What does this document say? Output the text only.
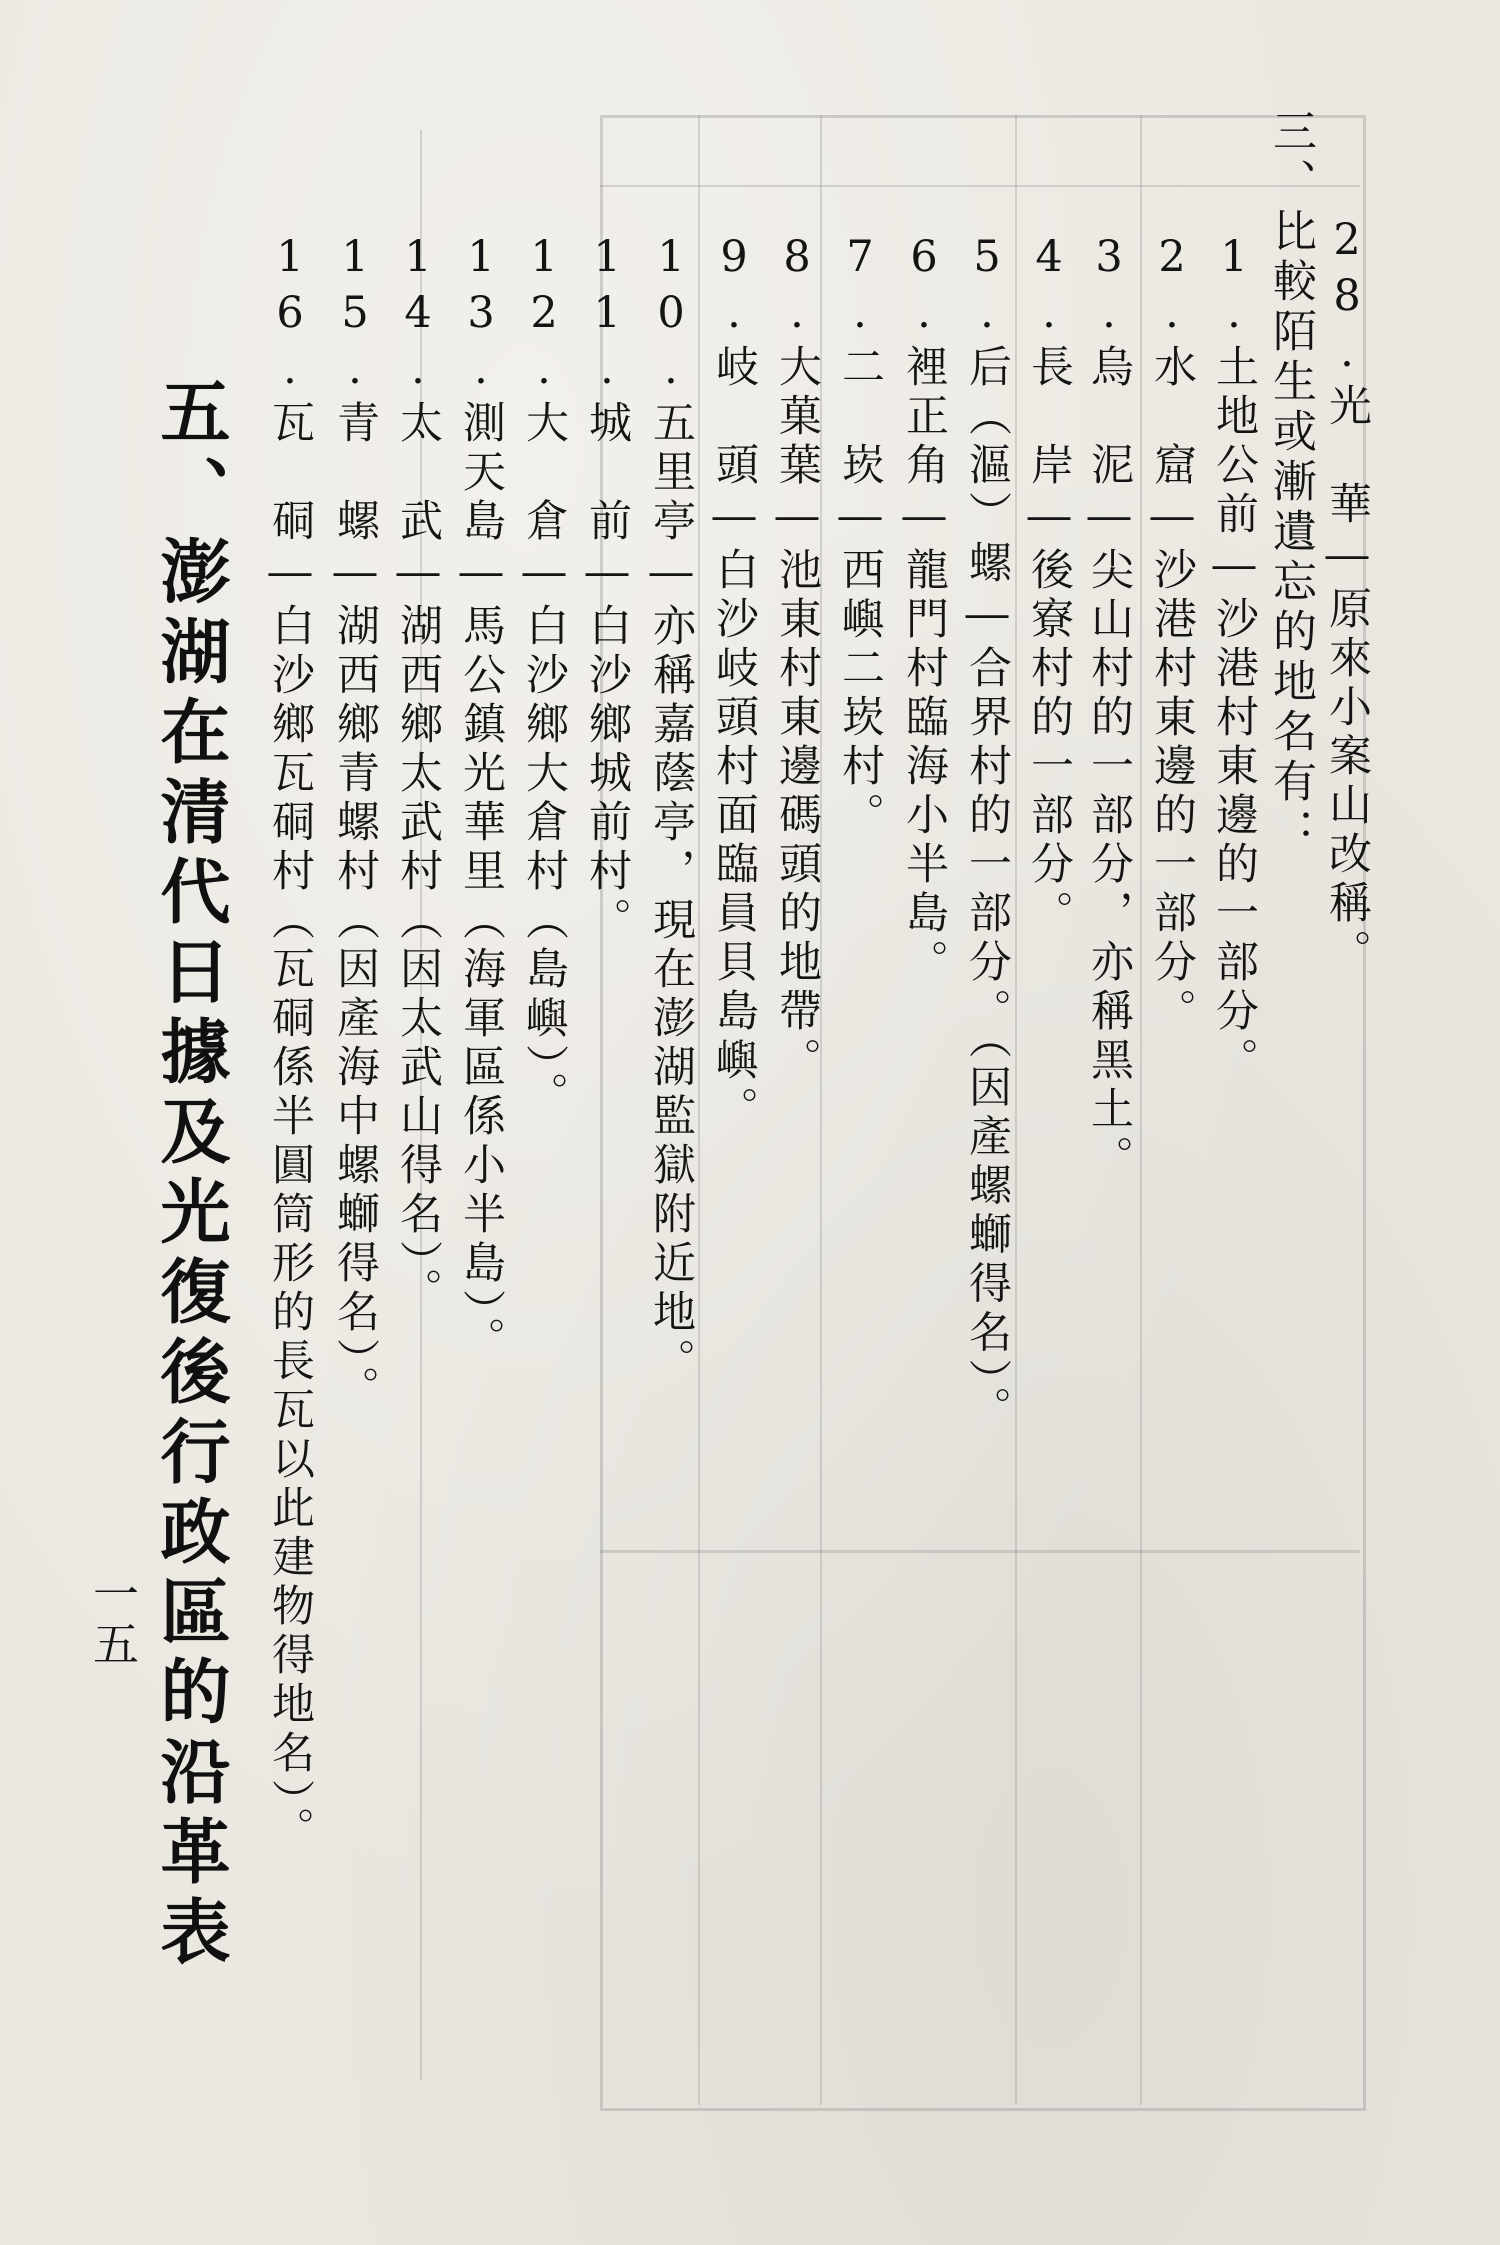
28.光　華―原來小案山改稱。
三、比較陌生或漸遺忘的地名有：
1.土地公前―沙港村東邊的一部分。
2.水　窟―沙港村東邊的一部分。
3.烏　泥―尖山村的一部分，亦稱黑土。
4.長　岸―後寮村的一部分。
5.后（漚）螺―合界村的一部分。（因產螺螄得名）。
6.裡正角―龍門村臨海小半島。
7.二　崁―西嶼二崁村。
8.大菓葉―池東村東邊碼頭的地帶。
9.岐　頭―白沙岐頭村面臨員貝島嶼。
10.五里亭―亦稱嘉蔭亭，現在澎湖監獄附近地。
11.城　前―白沙鄉城前村。
12.大　倉―白沙鄉大倉村（島嶼）。
13.測天島―馬公鎮光華里（海軍區係小半島）。
14.太　武―湖西鄉太武村（因太武山得名）。
15.青　螺―湖西鄉青螺村（因產海中螺螄得名）。
16.瓦　硐―白沙鄉瓦硐村（瓦硐係半圓筒形的長瓦以此建物得地名）。
五、澎湖在清代日據及光復後行政區的沿革表
一五
